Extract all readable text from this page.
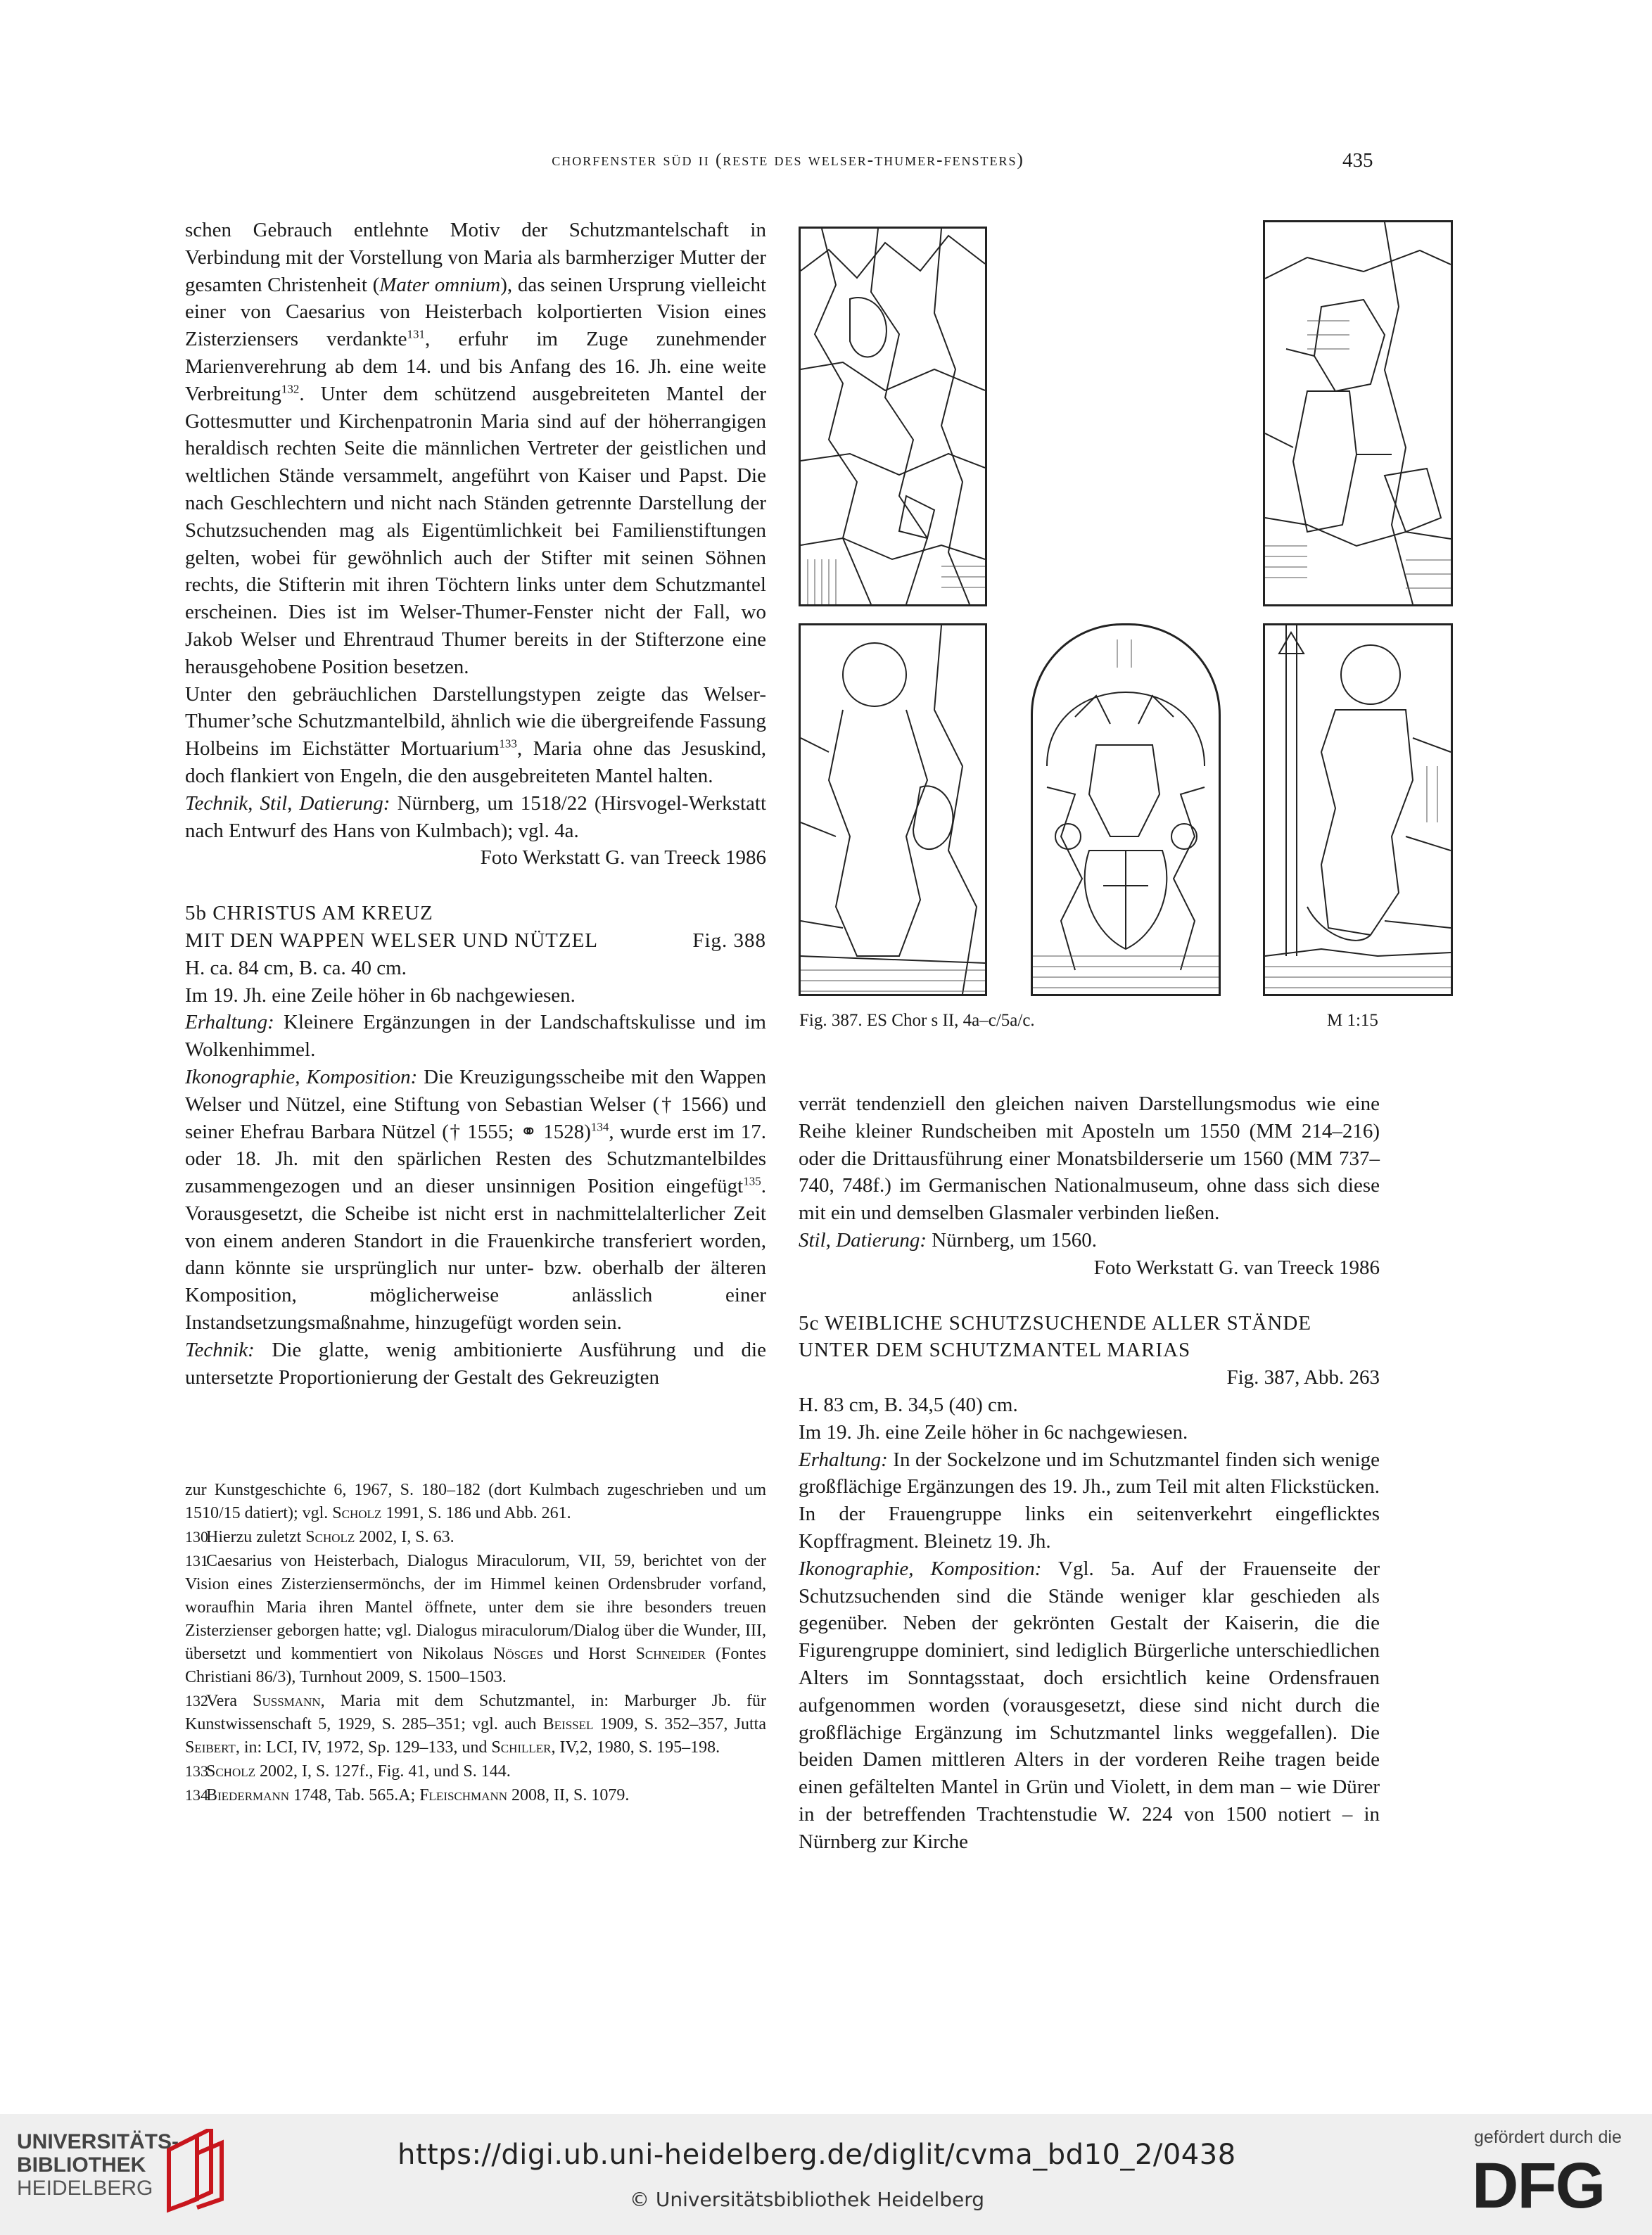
chorfenster süd ii (reste des welser-thumer-fensters)	435

schen Gebrauch entlehnte Motiv der Schutzmantelschaft in Verbindung mit der Vorstellung von Maria als barmherziger Mutter der gesamten Christenheit (Mater omnium), das seinen Ursprung vielleicht einer von Caesarius von Heisterbach kolportierten Vision eines Zisterziensers verdankte$^{131}$, erfuhr im Zuge zunehmender Marienverehrung ab dem 14. und bis Anfang des 16. Jh. eine weite Verbreitung$^{132}$. Unter dem schützend ausgebreiteten Mantel der Gottesmutter und Kirchenpatronin Maria sind auf der höherrangigen heraldisch rechten Seite die männlichen Vertreter der geistlichen und weltlichen Stände versammelt, angeführt von Kaiser und Papst. Die nach Geschlechtern und nicht nach Ständen getrennte Darstellung der Schutzsuchenden mag als Eigentümlichkeit bei Familienstiftungen gelten, wobei für gewöhnlich auch der Stifter mit seinen Söhnen rechts, die Stifterin mit ihren Töchtern links unter dem Schutzmantel erscheinen. Dies ist im Welser-Thumer-Fenster nicht der Fall, wo Jakob Welser und Ehrentraud Thumer bereits in der Stifterzone eine herausgehobene Position besetzen.

Unter den gebräuchlichen Darstellungstypen zeigte das Welser-Thumer’sche Schutzmantelbild, ähnlich wie die übergreifende Fassung Holbeins im Eichstätter Mortuarium$^{133}$, Maria ohne das Jesuskind, doch flankiert von Engeln, die den ausgebreiteten Mantel halten.

Technik, Stil, Datierung: Nürnberg, um 1518/22 (Hirsvogel-Werkstatt nach Entwurf des Hans von Kulmbach); vgl. 4a.

Foto Werkstatt G. van Treeck 1986

5b CHRISTUS AM KREUZ

MIT DEN WAPPEN WELSER UND NÜTZEL	Fig. 388

H. ca. 84 cm, B. ca. 40 cm.

Im 19. Jh. eine Zeile höher in 6b nachgewiesen.

Erhaltung: Kleinere Ergänzungen in der Landschaftskulisse und im Wolkenhimmel.

Ikonographie, Komposition: Die Kreuzigungsscheibe mit den Wappen Welser und Nützel, eine Stiftung von Sebastian Welser († 1566) und seiner Ehefrau Barbara Nützel († 1555; ⚭ 1528)$^{134}$, wurde erst im 17. oder 18. Jh. mit den spärlichen Resten des Schutzmantelbildes zusammengezogen und an dieser unsinnigen Position eingefügt$^{135}$. Vorausgesetzt, die Scheibe ist nicht erst in nachmittelalterlicher Zeit von einem anderen Standort in die Frauenkirche transferiert worden, dann könnte sie ursprünglich nur unter- bzw. oberhalb der älteren Komposition, möglicherweise anlässlich einer Instandsetzungsmaßnahme, hinzugefügt worden sein.

Technik: Die glatte, wenig ambitionierte Ausführung und die untersetzte Proportionierung der Gestalt des Gekreuzigten

zur Kunstgeschichte 6, 1967, S. 180–182 (dort Kulmbach zugeschrieben und um 1510/15 datiert); vgl. Scholz 1991, S. 186 und Abb. 261.

130Hierzu zuletzt Scholz 2002, I, S. 63.

131Caesarius von Heisterbach, Dialogus Miraculorum, VII, 59, berichtet von der Vision eines Zisterziensermönchs, der im Himmel keinen Ordensbruder vorfand, woraufhin Maria ihren Mantel öffnete, unter dem sie ihre besonders treuen Zisterzienser geborgen hatte; vgl. Dialogus miraculorum/Dialog über die Wunder, III, übersetzt und kommentiert von Nikolaus Nösges und Horst Schneider (Fontes Christiani 86/3), Turnhout 2009, S. 1500–1503.

132Vera Sussmann, Maria mit dem Schutzmantel, in: Marburger Jb. für Kunstwissenschaft 5, 1929, S. 285–351; vgl. auch Beissel 1909, S. 352–357, Jutta Seibert, in: LCI, IV, 1972, Sp. 129–133, und Schiller, IV,2, 1980, S. 195–198.

133Scholz 2002, I, S. 127f., Fig. 41, und S. 144.

134Biedermann 1748, Tab. 565.A; Fleischmann 2008, II, S. 1079.

Fig. 387. ES Chor s II, 4a–c/5a/c.	M 1:15

verrät tendenziell den gleichen naiven Darstellungsmodus wie eine Reihe kleiner Rundscheiben mit Aposteln um 1550 (MM 214–216) oder die Drittausführung einer Monatsbilderserie um 1560 (MM 737–740, 748f.) im Germanischen Nationalmuseum, ohne dass sich diese mit ein und demselben Glasmaler verbinden ließen.

Stil, Datierung: Nürnberg, um 1560.

Foto Werkstatt G. van Treeck 1986

5c WEIBLICHE SCHUTZSUCHENDE ALLER STÄNDE

UNTER DEM SCHUTZMANTEL MARIAS

Fig. 387, Abb. 263

H. 83 cm, B. 34,5 (40) cm.

Im 19. Jh. eine Zeile höher in 6c nachgewiesen.

Erhaltung: In der Sockelzone und im Schutzmantel finden sich wenige großflächige Ergänzungen des 19. Jh., zum Teil mit alten Flickstücken. In der Frauengruppe links ein seitenverkehrt eingeflicktes Kopffragment. Bleinetz 19. Jh.

Ikonographie, Komposition: Vgl. 5a. Auf der Frauenseite der Schutzsuchenden sind die Stände weniger klar geschieden als gegenüber. Neben der gekrönten Gestalt der Kaiserin, die die Figurengruppe dominiert, sind lediglich Bürgerliche unterschiedlichen Alters im Sonntagsstaat, doch ersichtlich keine Ordensfrauen aufgenommen worden (vorausgesetzt, diese sind nicht durch die großflächige Ergänzung im Schutzmantel links weggefallen). Die beiden Damen mittleren Alters in der vorderen Reihe tragen beide einen gefältelten Mantel in Grün und Violett, in dem man – wie Dürer in der betreffenden Trachtenstudie W. 224 von 1500 notiert – in Nürnberg zur Kirche

UNIVERSITÄTS-
BIBLIOTHEK
HEIDELBERG
https://digi.ub.uni-heidelberg.de/diglit/cvma_bd10_2/0438
© Universitätsbibliothek Heidelberg
gefördert durch die
DFG
